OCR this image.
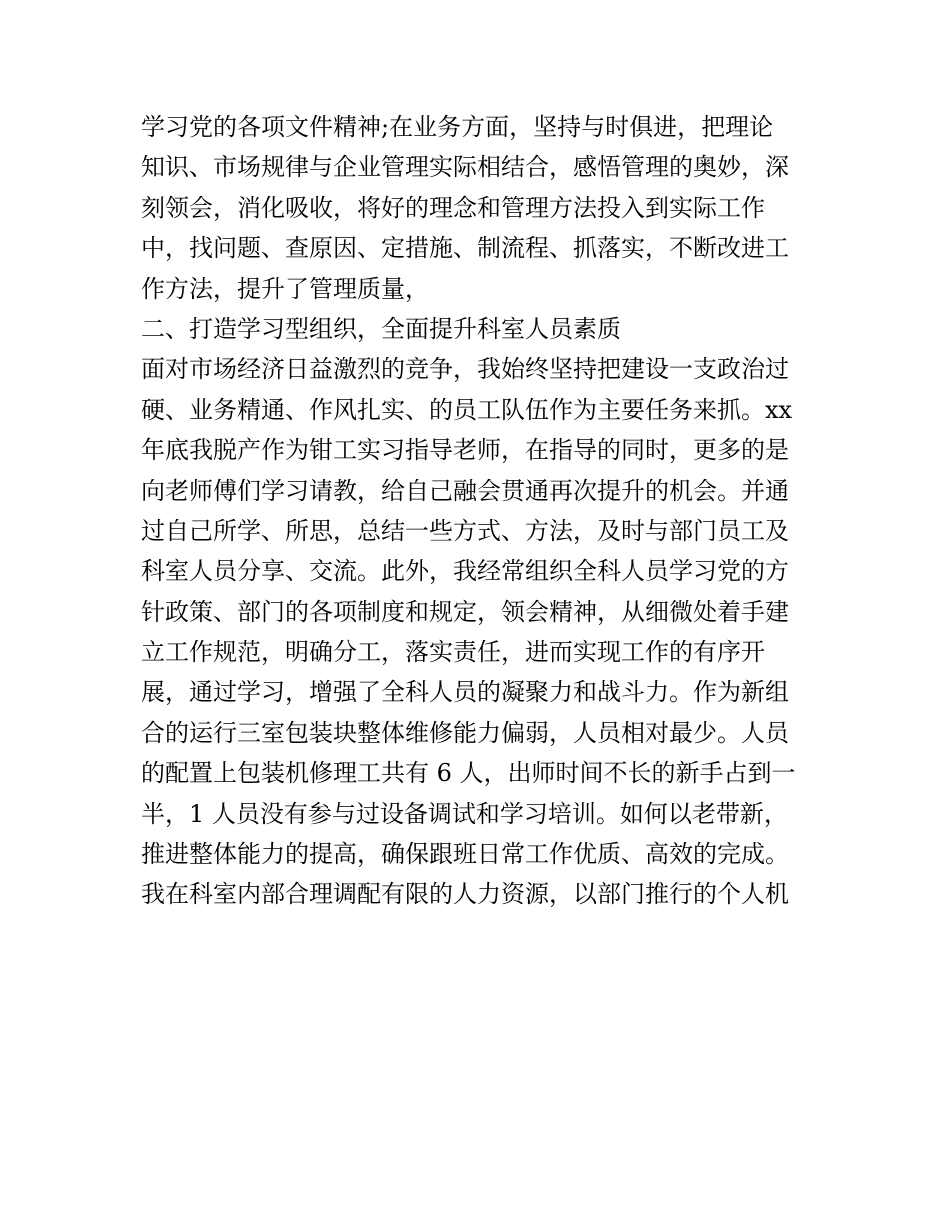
学习党的各项文件精神;在业务方面，坚持与时俱进，把理论
知识、市场规律与企业管理实际相结合，感悟管理的奥妙，深
刻领会，消化吸收，将好的理念和管理方法投入到实际工作
中，找问题、查原因、定措施、制流程、抓落实，不断改进工
作方法，提升了管理质量，
二、打造学习型组织，全面提升科室人员素质
面对市场经济日益激烈的竞争，我始终坚持把建设一支政治过
硬、业务精通、作风扎实、的员工队伍作为主要任务来抓。xx
年底我脱产作为钳工实习指导老师，在指导的同时，更多的是
向老师傅们学习请教，给自己融会贯通再次提升的机会。并通
过自己所学、所思，总结一些方式、方法，及时与部门员工及
科室人员分享、交流。此外，我经常组织全科人员学习党的方
针政策、部门的各项制度和规定，领会精神，从细微处着手建
立工作规范，明确分工，落实责任，进而实现工作的有序开
展，通过学习，增强了全科人员的凝聚力和战斗力。作为新组
合的运行三室包装块整体维修能力偏弱，人员相对最少。人员
的配置上包装机修理工共有 6 人，出师时间不长的新手占到一
半，1 人员没有参与过设备调试和学习培训。如何以老带新，
推进整体能力的提高，确保跟班日常工作优质、高效的完成。
我在科室内部合理调配有限的人力资源，以部门推行的个人机
